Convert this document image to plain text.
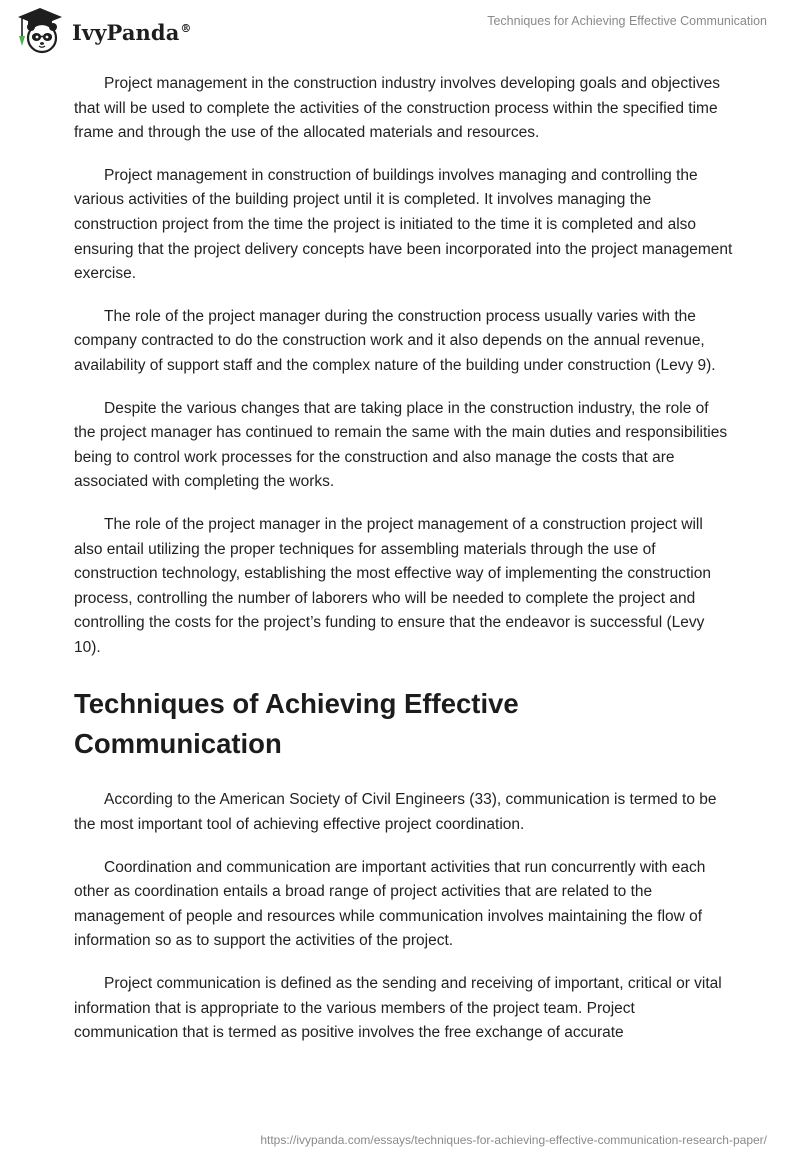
IvyPanda®	Techniques for Achieving Effective Communication

Project management in the construction industry involves developing goals and objectives that will be used to complete the activities of the construction process within the specified time frame and through the use of the allocated materials and resources.

Project management in construction of buildings involves managing and controlling the various activities of the building project until it is completed. It involves managing the construction project from the time the project is initiated to the time it is completed and also ensuring that the project delivery concepts have been incorporated into the project management exercise.

The role of the project manager during the construction process usually varies with the company contracted to do the construction work and it also depends on the annual revenue, availability of support staff and the complex nature of the building under construction (Levy 9).

Despite the various changes that are taking place in the construction industry, the role of the project manager has continued to remain the same with the main duties and responsibilities being to control work processes for the construction and also manage the costs that are associated with completing the works.

The role of the project manager in the project management of a construction project will also entail utilizing the proper techniques for assembling materials through the use of construction technology, establishing the most effective way of implementing the construction process, controlling the number of laborers who will be needed to complete the project and controlling the costs for the project’s funding to ensure that the endeavor is successful (Levy 10).

Techniques of Achieving Effective Communication

According to the American Society of Civil Engineers (33), communication is termed to be the most important tool of achieving effective project coordination.

Coordination and communication are important activities that run concurrently with each other as coordination entails a broad range of project activities that are related to the management of people and resources while communication involves maintaining the flow of information so as to support the activities of the project.

Project communication is defined as the sending and receiving of important, critical or vital information that is appropriate to the various members of the project team. Project communication that is termed as positive involves the free exchange of accurate

https://ivypanda.com/essays/techniques-for-achieving-effective-communication-research-paper/
